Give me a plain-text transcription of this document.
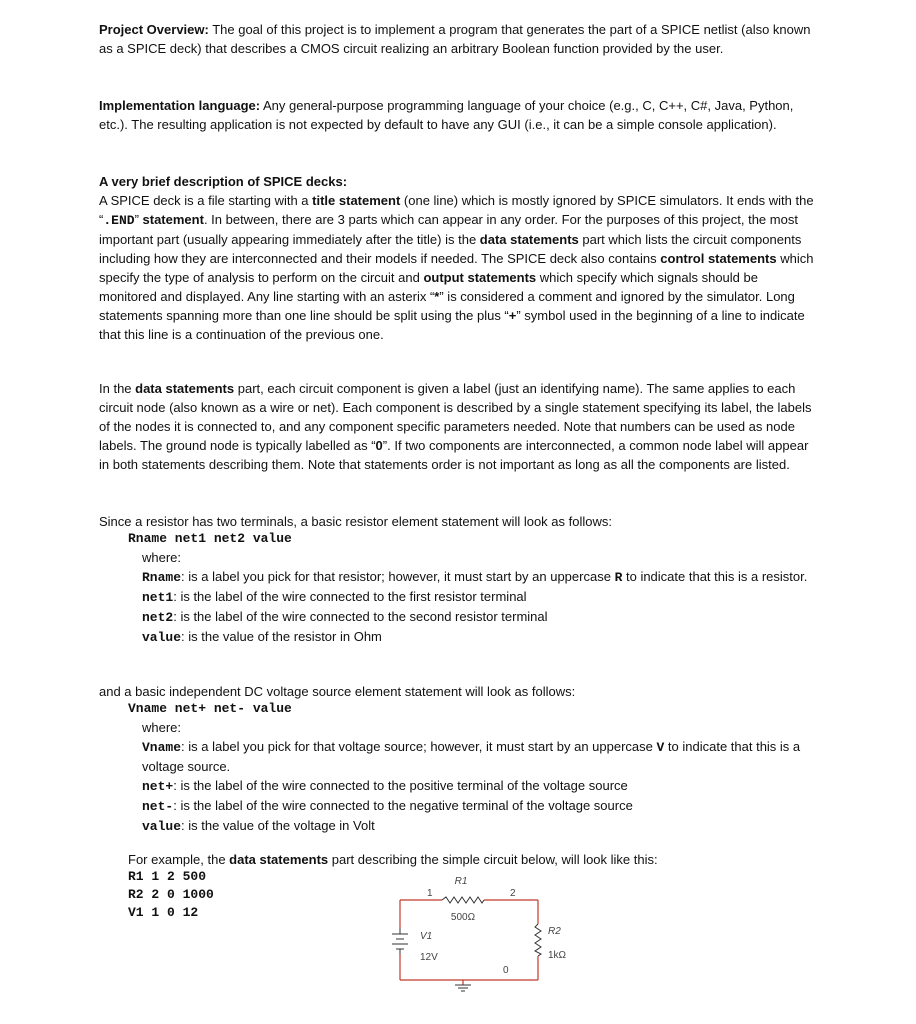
Project Overview: The goal of this project is to implement a program that generates the part of a SPICE netlist (also known as a SPICE deck) that describes a CMOS circuit realizing an arbitrary Boolean function provided by the user.

Implementation language: Any general-purpose programming language of your choice (e.g., C, C++, C#, Java, Python, etc.). The resulting application is not expected by default to have any GUI (i.e., it can be a simple console application).

A very brief description of SPICE decks:

A SPICE deck is a file starting with a title statement (one line) which is mostly ignored by SPICE simulators. It ends with the “.END” statement. In between, there are 3 parts which can appear in any order. For the purposes of this project, the most important part (usually appearing immediately after the title) is the data statements part which lists the circuit components including how they are interconnected and their models if needed. The SPICE deck also contains control statements which specify the type of analysis to perform on the circuit and output statements which specify which signals should be monitored and displayed. Any line starting with an asterix “*” is considered a comment and ignored by the simulator. Long statements spanning more than one line should be split using the plus “+” symbol used in the beginning of a line to indicate that this line is a continuation of the previous one.

In the data statements part, each circuit component is given a label (just an identifying name). The same applies to each circuit node (also known as a wire or net). Each component is described by a single statement specifying its label, the labels of the nodes it is connected to, and any component specific parameters needed. Note that numbers can be used as node labels. The ground node is typically labelled as “0”. If two components are interconnected, a common node label will appear in both statements describing them. Note that statements order is not important as long as all the components are listed.

Since a resistor has two terminals, a basic resistor element statement will look as follows:
Rname net1 net2 value

where:

Rname: is a label you pick for that resistor; however, it must start by an uppercase R to indicate that this is a resistor.

net1: is the label of the wire connected to the first resistor terminal

net2: is the label of the wire connected to the second resistor terminal

value: is the value of the resistor in Ohm

and a basic independent DC voltage source element statement will look as follows:
Vname net+ net- value

where:

Vname: is a label you pick for that voltage source; however, it must start by an uppercase V to indicate that this is a voltage source.

net+: is the label of the wire connected to the positive terminal of the voltage source

net-: is the label of the wire connected to the negative terminal of the voltage source

value: is the value of the voltage in Volt

For example, the data statements part describing the simple circuit below, will look like this:

R1 1 2 500
R2 2 0 1000
V1 1 0 12
R1
500Ω
R2
1kΩ
V1
12V
1	2
0
